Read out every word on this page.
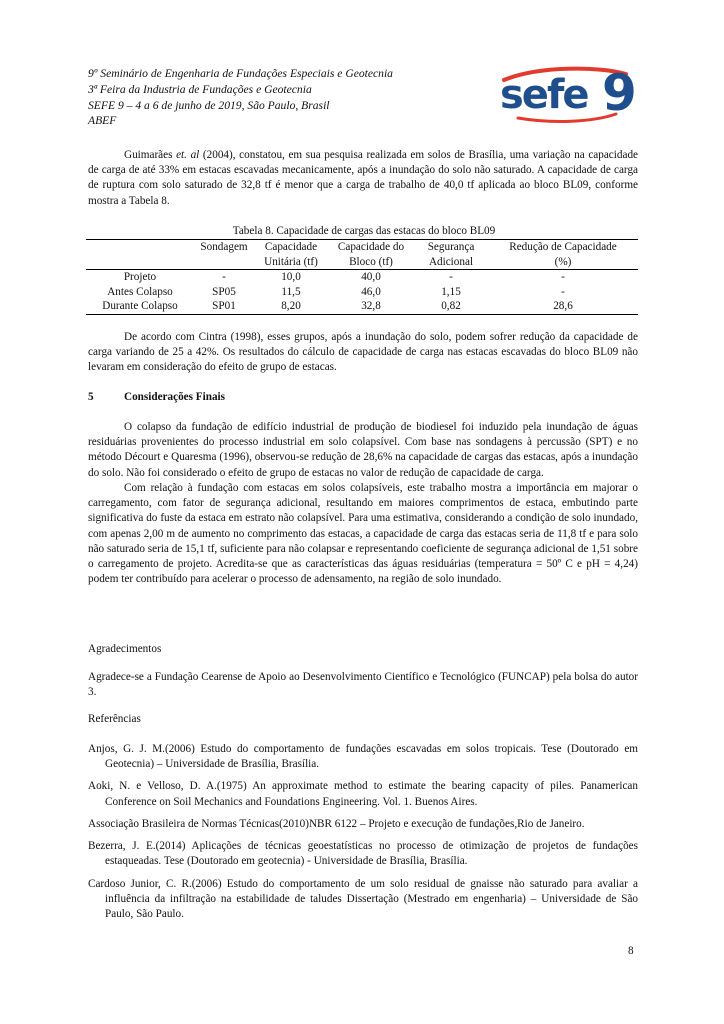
9º Seminário de Engenharia de Fundações Especiais e Geotecnia
3ª Feira da Industria de Fundações e Geotecnia
SEFE 9 – 4 a 6 de junho de 2019, São Paulo, Brasil
ABEF
sefe 9

Guimarães et. al (2004), constatou, em sua pesquisa realizada em solos de Brasília, uma variação na capacidade de carga de até 33% em estacas escavadas mecanicamente, após a inundação do solo não saturado. A capacidade de carga de ruptura com solo saturado de 32,8 tf é menor que a carga de trabalho de 40,0 tf aplicada ao bloco BL09, conforme mostra a Tabela 8.

Tabela 8. Capacidade de cargas das estacas do bloco BL09
	Sondagem	Capacidade	Capacidade do	Segurança	Redução de Capacidade
		Unitária (tf)	Bloco (tf)	Adicional	(%)
Projeto	-	10,0	40,0	-	-
Antes Colapso	SP05	11,5	46,0	1,15	-
Durante Colapso	SP01	8,20	32,8	0,82	28,6

De acordo com Cintra (1998), esses grupos, após a inundação do solo, podem sofrer redução da capacidade de carga variando de 25 a 42%. Os resultados do cálculo de capacidade de carga nas estacas escavadas do bloco BL09 não levaram em consideração do efeito de grupo de estacas.

5	Considerações Finais

O colapso da fundação de edifício industrial de produção de biodiesel foi induzido pela inundação de águas residuárias provenientes do processo industrial em solo colapsível. Com base nas sondagens à percussão (SPT) e no método Décourt e Quaresma (1996), observou-se redução de 28,6% na capacidade de cargas das estacas, após a inundação do solo. Não foi considerado o efeito de grupo de estacas no valor de redução de capacidade de carga.

Com relação à fundação com estacas em solos colapsíveis, este trabalho mostra a importância em majorar o carregamento, com fator de segurança adicional, resultando em maiores comprimentos de estaca, embutindo parte significativa do fuste da estaca em estrato não colapsível. Para uma estimativa, considerando a condição de solo inundado, com apenas 2,00 m de aumento no comprimento das estacas, a capacidade de carga das estacas seria de 11,8 tf e para solo não saturado seria de 15,1 tf, suficiente para não colapsar e representando coeficiente de segurança adicional de 1,51 sobre o carregamento de projeto. Acredita-se que as características das águas residuárias (temperatura = 50º C e pH = 4,24) podem ter contribuído para acelerar o processo de adensamento, na região de solo inundado.

Agradecimentos

Agradece-se a Fundação Cearense de Apoio ao Desenvolvimento Científico e Tecnológico (FUNCAP) pela bolsa do autor 3.

Referências

Anjos, G. J. M.(2006) Estudo do comportamento de fundações escavadas em solos tropicais. Tese (Doutorado em Geotecnia) – Universidade de Brasília, Brasília.

Aoki, N. e Velloso, D. A.(1975) An approximate method to estimate the bearing capacity of piles. Panamerican Conference on Soil Mechanics and Foundations Engineering. Vol. 1. Buenos Aires.

Associação Brasileira de Normas Técnicas(2010)NBR 6122 – Projeto e execução de fundações,Rio de Janeiro.

Bezerra, J. E.(2014) Aplicações de técnicas geoestatísticas no processo de otimização de projetos de fundações estaqueadas. Tese (Doutorado em geotecnia) - Universidade de Brasília, Brasília.

Cardoso Junior, C. R.(2006) Estudo do comportamento de um solo residual de gnaisse não saturado para avaliar a influência da infiltração na estabilidade de taludes Dissertação (Mestrado em engenharia) – Universidade de São Paulo, São Paulo.

8
